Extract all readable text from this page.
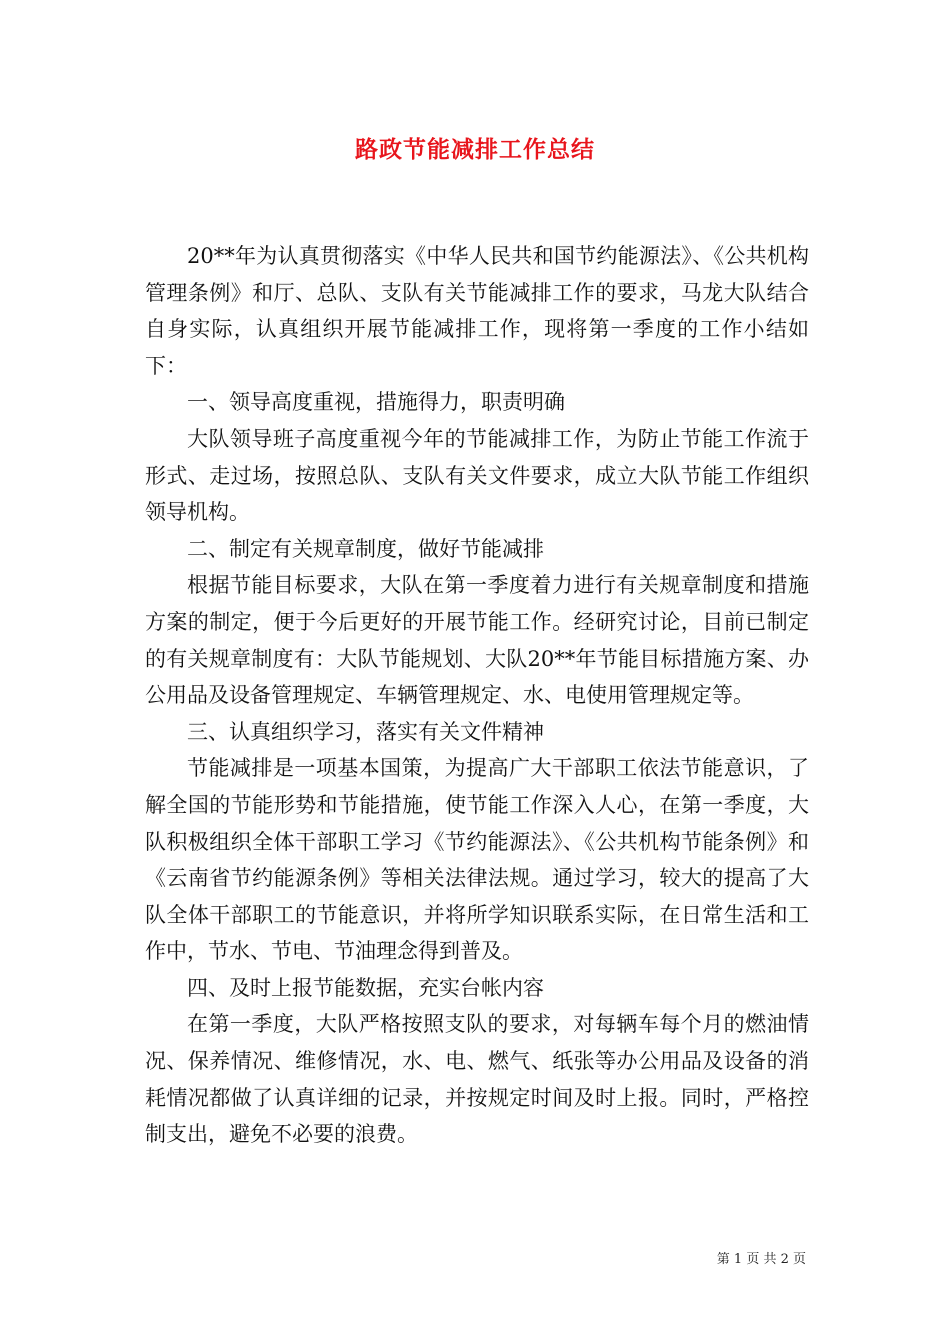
路政节能减排工作总结

20**年为认真贯彻落实《中华人民共和国节约能源法》、《公共机构管理条例》和厅、总队、支队有关节能减排工作的要求，马龙大队结合自身实际，认真组织开展节能减排工作，现将第一季度的工作小结如下：

一、领导高度重视，措施得力，职责明确

大队领导班子高度重视今年的节能减排工作，为防止节能工作流于形式、走过场，按照总队、支队有关文件要求，成立大队节能工作组织领导机构。

二、制定有关规章制度，做好节能减排

根据节能目标要求，大队在第一季度着力进行有关规章制度和措施方案的制定，便于今后更好的开展节能工作。经研究讨论，目前已制定的有关规章制度有：大队节能规划、大队20**年节能目标措施方案、办公用品及设备管理规定、车辆管理规定、水、电使用管理规定等。

三、认真组织学习，落实有关文件精神

节能减排是一项基本国策，为提高广大干部职工依法节能意识，了解全国的节能形势和节能措施，使节能工作深入人心，在第一季度，大队积极组织全体干部职工学习《节约能源法》、《公共机构节能条例》和《云南省节约能源条例》等相关法律法规。通过学习，较大的提高了大队全体干部职工的节能意识，并将所学知识联系实际，在日常生活和工作中，节水、节电、节油理念得到普及。

四、及时上报节能数据，充实台帐内容

在第一季度，大队严格按照支队的要求，对每辆车每个月的燃油情况、保养情况、维修情况，水、电、燃气、纸张等办公用品及设备的消耗情况都做了认真详细的记录，并按规定时间及时上报。同时，严格控制支出，避免不必要的浪费。

第 1 页 共 2 页
